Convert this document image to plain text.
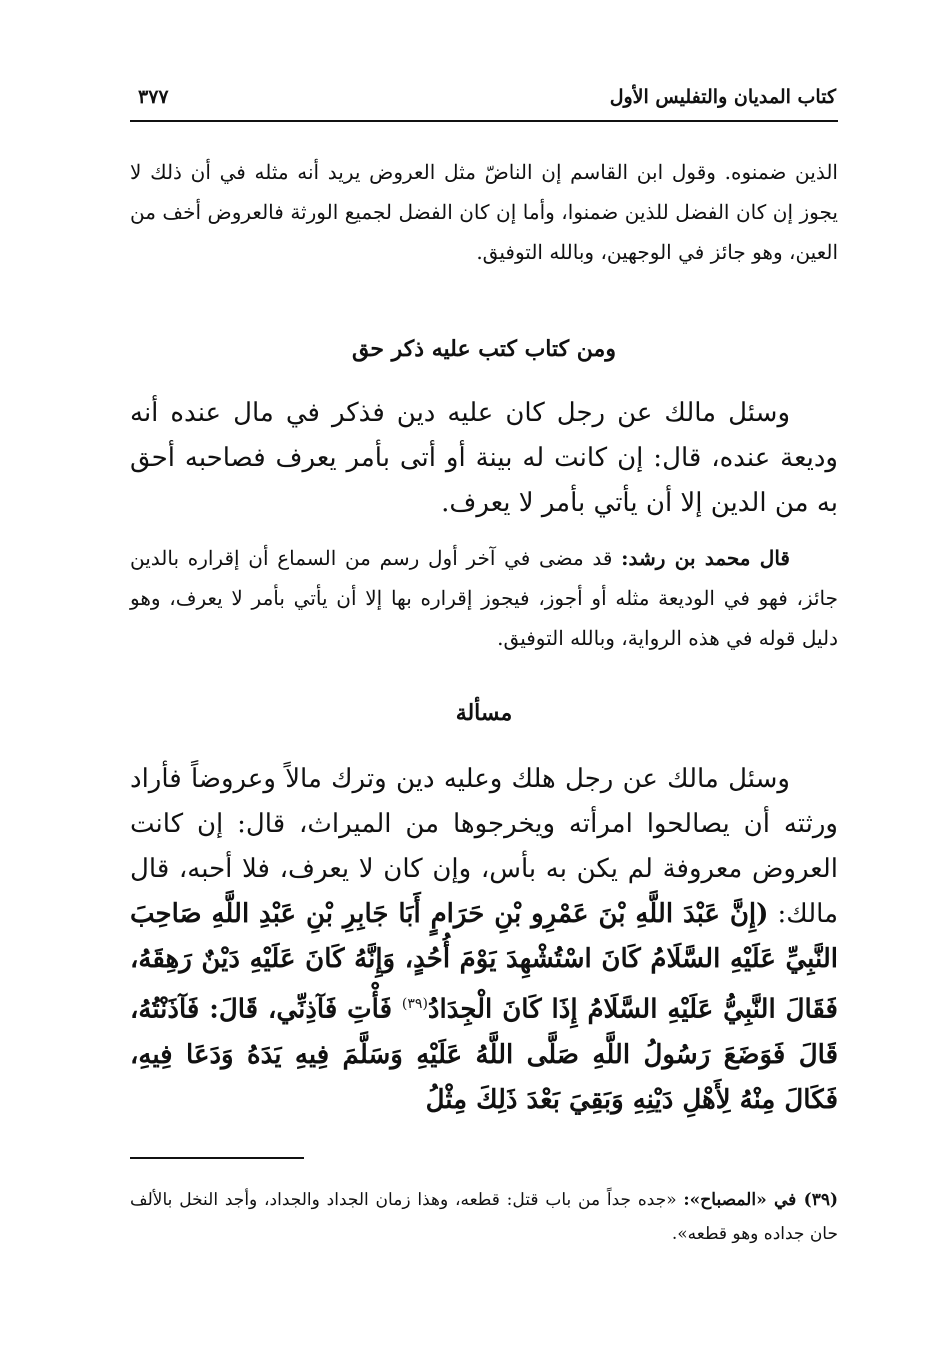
كتاب المديان والتفليس الأول
٣٧٧

الذين ضمنوه. وقول ابن القاسم إن الناضّ مثل العروض يريد أنه مثله في أن ذلك لا يجوز إن كان الفضل للذين ضمنوا، وأما إن كان الفضل لجميع الورثة فالعروض أخف من العين، وهو جائز في الوجهين، وبالله التوفيق.

ومن كتاب كتب عليه ذكر حق

وسئل مالك عن رجل كان عليه دين فذكر في مال عنده أنه وديعة عنده، قال: إن كانت له بينة أو أتى بأمر يعرف فصاحبه أحق به من الدين إلا أن يأتي بأمر لا يعرف.

قال محمد بن رشد: قد مضى في آخر أول رسم من السماع أن إقراره بالدين جائز، فهو في الوديعة مثله أو أجوز، فيجوز إقراره بها إلا أن يأتي بأمر لا يعرف، وهو دليل قوله في هذه الرواية، وبالله التوفيق.

مسألة

وسئل مالك عن رجل هلك وعليه دين وترك مالاً وعروضاً فأراد ورثته أن يصالحوا امرأته ويخرجوها من الميراث، قال: إن كانت العروض معروفة لم يكن به بأس، وإن كان لا يعرف، فلا أحبه، قال مالك: (إِنَّ عَبْدَ اللَّهِ بْنَ عَمْرِو بْنِ حَرَامٍ أَبَا جَابِرِ بْنِ عَبْدِ اللَّهِ صَاحِبَ النَّبِيِّ عَلَيْهِ السَّلَامُ كَانَ اسْتُشْهِدَ يَوْمَ أُحُدٍ، وَإِنَّهُ كَانَ عَلَيْهِ دَيْنٌ رَهِقَهُ، فَقَالَ النَّبِيُّ عَلَيْهِ السَّلَامُ إِذَا كَانَ الْجِدَادُ$^{(٣٩)}$ فَأْتِ فَآذِنِّي، قَالَ: فَآذَنْتُهُ، قَالَ فَوَضَعَ رَسُولُ اللَّهِ صَلَّى اللَّهُ عَلَيْهِ وَسَلَّمَ فِيهِ يَدَهُ وَدَعَا فِيهِ، فَكَالَ مِنْهُ لِأَهْلِ دَيْنِهِ وَبَقِيَ بَعْدَ ذَلِكَ مِثْلُ

(٣٩) في «المصباح»: «جده جداً من باب قتل: قطعه، وهذا زمان الجداد والجداد، وأجد النخل بالألف حان جداده وهو قطعه».
